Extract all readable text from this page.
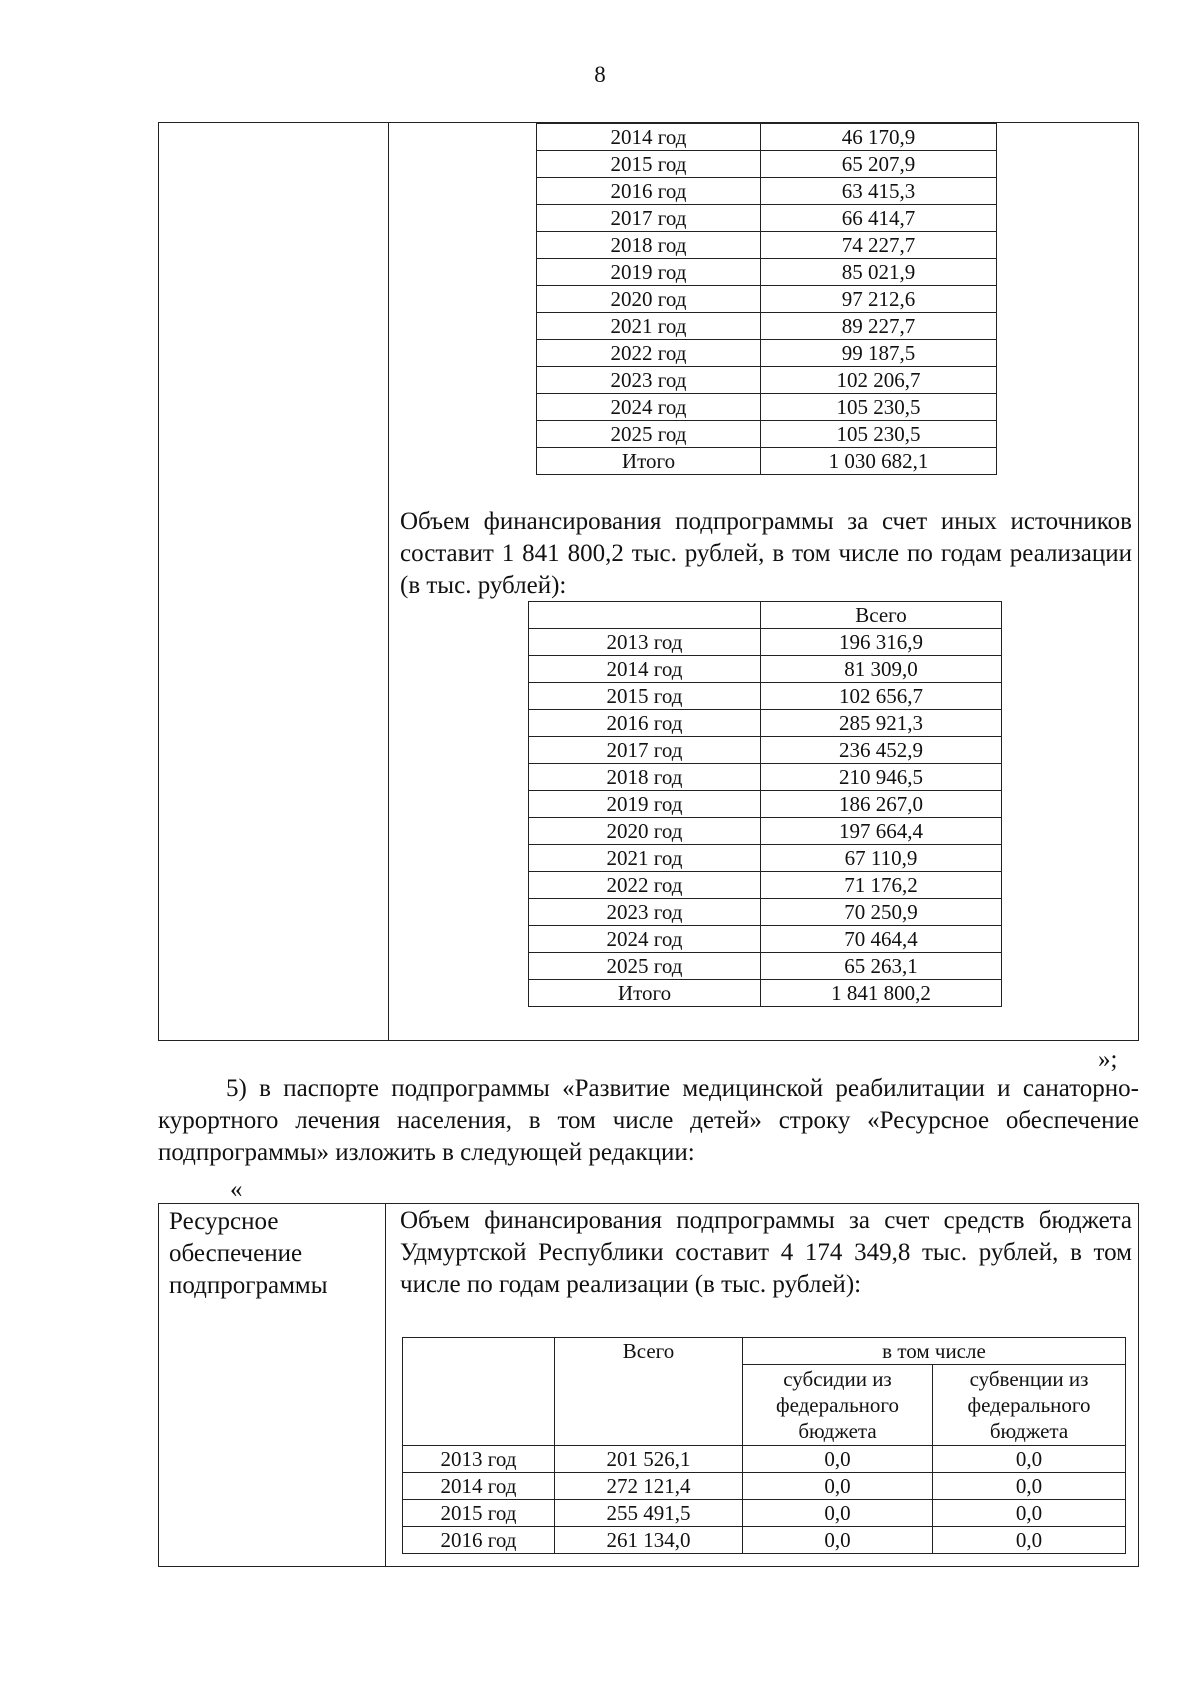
8
2014 год	46 170,9
2015 год	65 207,9
2016 год	63 415,3
2017 год	66 414,7
2018 год	74 227,7
2019 год	85 021,9
2020 год	97 212,6
2021 год	89 227,7
2022 год	99 187,5
2023 год	102 206,7
2024 год	105 230,5
2025 год	105 230,5
Итого	1 030 682,1
Объем финансирования подпрограммы за счет иных источников составит 1 841 800,2 тыс. рублей, в том числе по годам реализации (в тыс. рублей):
	Всего
2013 год	196 316,9
2014 год	81 309,0
2015 год	102 656,7
2016 год	285 921,3
2017 год	236 452,9
2018 год	210 946,5
2019 год	186 267,0
2020 год	197 664,4
2021 год	67 110,9
2022 год	71 176,2
2023 год	70 250,9
2024 год	70 464,4
2025 год	65 263,1
Итого	1 841 800,2
»;
5) в паспорте подпрограммы «Развитие медицинской реабилитации и санаторно-курортного лечения населения, в том числе детей» строку «Ресурсное обеспечение подпрограммы» изложить в следующей редакции:
«
Ресурсное обеспечение подпрограммы
Объем финансирования подпрограммы за счет средств бюджета Удмуртской Республики составит 4 174 349,8 тыс. рублей, в том числе по годам реализации (в тыс. рублей):
	Всего	в том числе	
		субсидии из федерального бюджета	субвенции из федерального бюджета
2013 год	201 526,1	0,0	0,0
2014 год	272 121,4	0,0	0,0
2015 год	255 491,5	0,0	0,0
2016 год	261 134,0	0,0	0,0
